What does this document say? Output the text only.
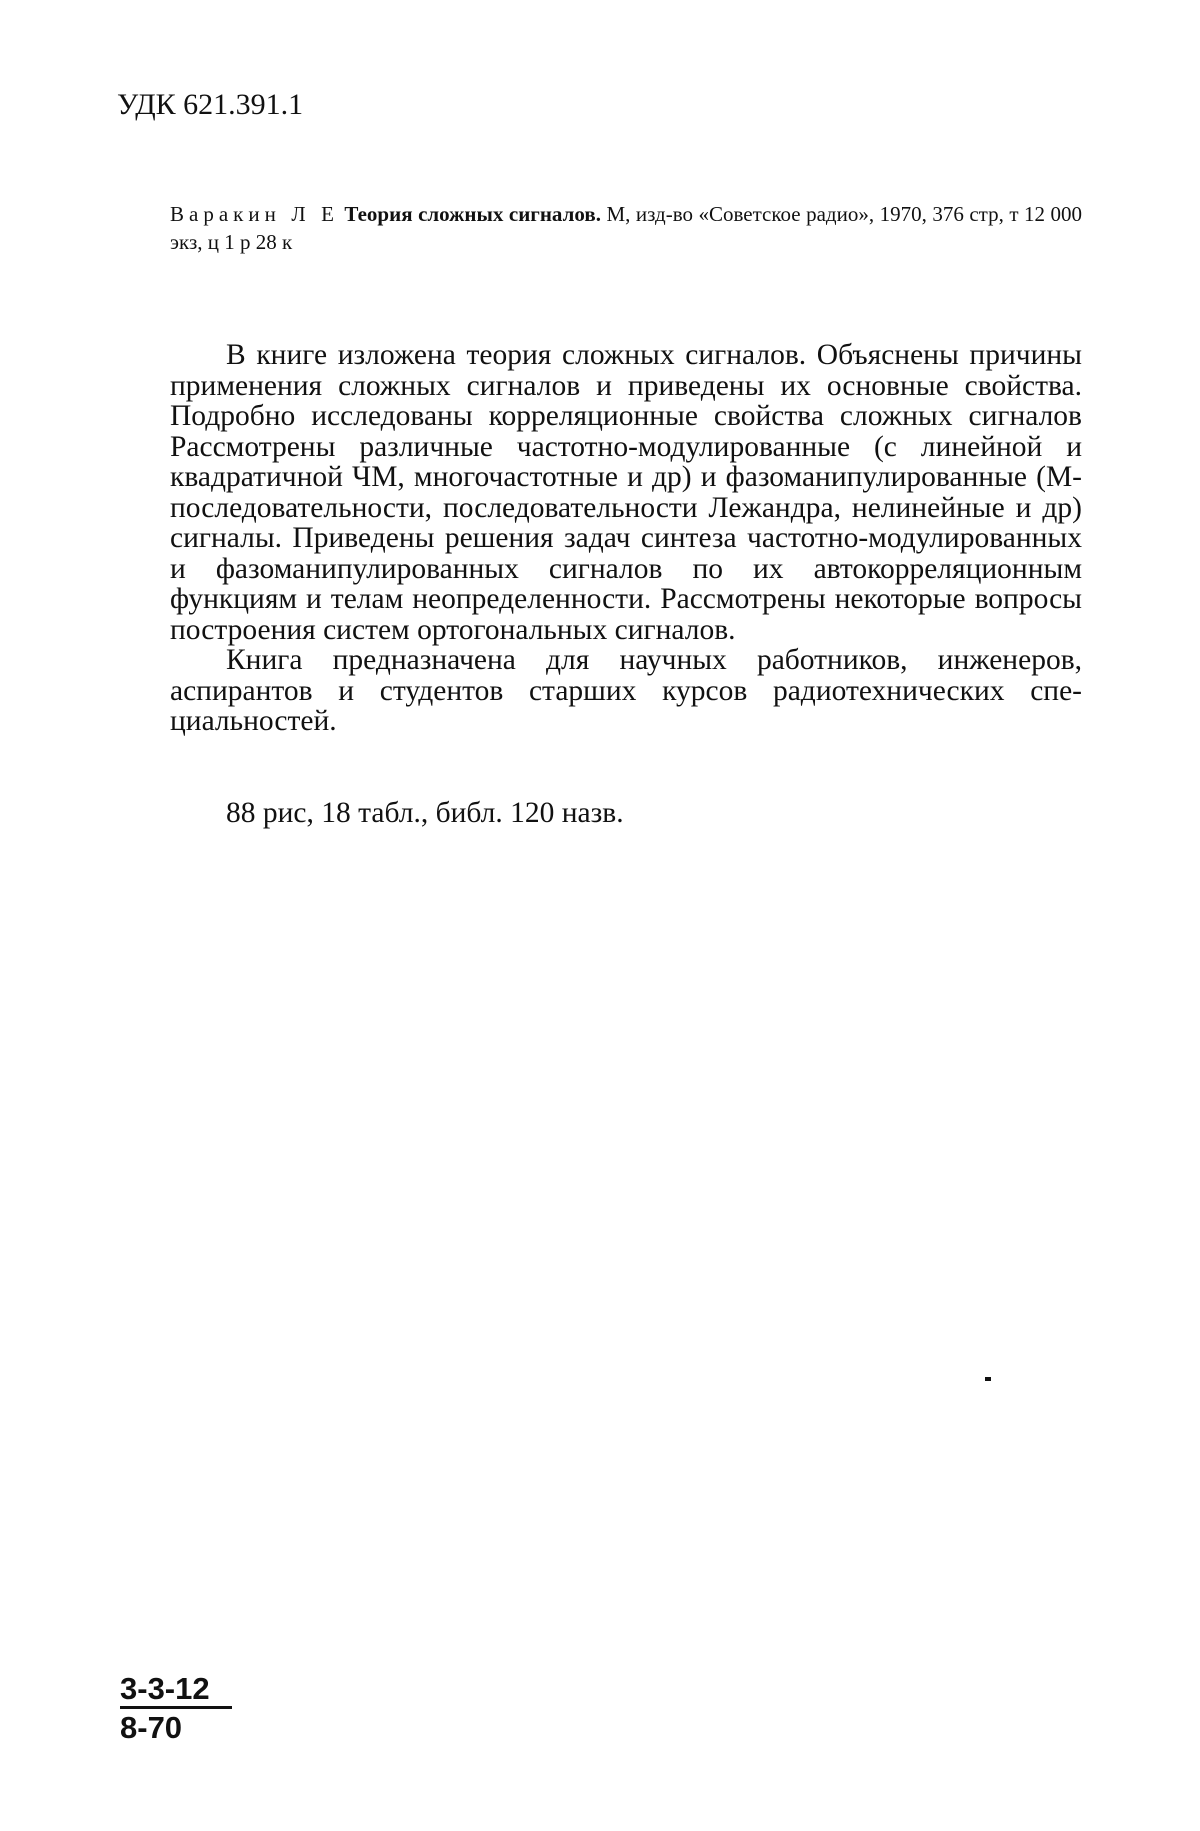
УДК 621.391.1
Варакин Л Е Теория сложных сигналов. М, изд-во «Советское радио», 1970, 376 стр, т 12 000 экз, ц 1 р 28 к

В книге изложена теория сложных сигналов. Объяснены причины применения сложных сигналов и приведены их основные свойства. Подробно исследованы корреляционные свойства сложных сигналов Рассмотрены различные частотно-модулированные (с линейной и квадратичной ЧМ, многочастотные и др) и фазоманипулированные (М-последовательности, последовательности Лежандра, нелинейные и др) сигналы. Приведены решения задач синтеза частотно-модулированных и фазоманипулированных сигналов по их автокорреляционным функциям и телам неопределенности. Рассмотрены некоторые вопросы построения систем ортогональных сигналов.

Книга предназначена для научных работников, инженеров, аспирантов и студентов старших курсов радиотехнических специальностей.

88 рис, 18 табл., библ. 120 назв.
$\frac{3-3-12}{8-70}$
